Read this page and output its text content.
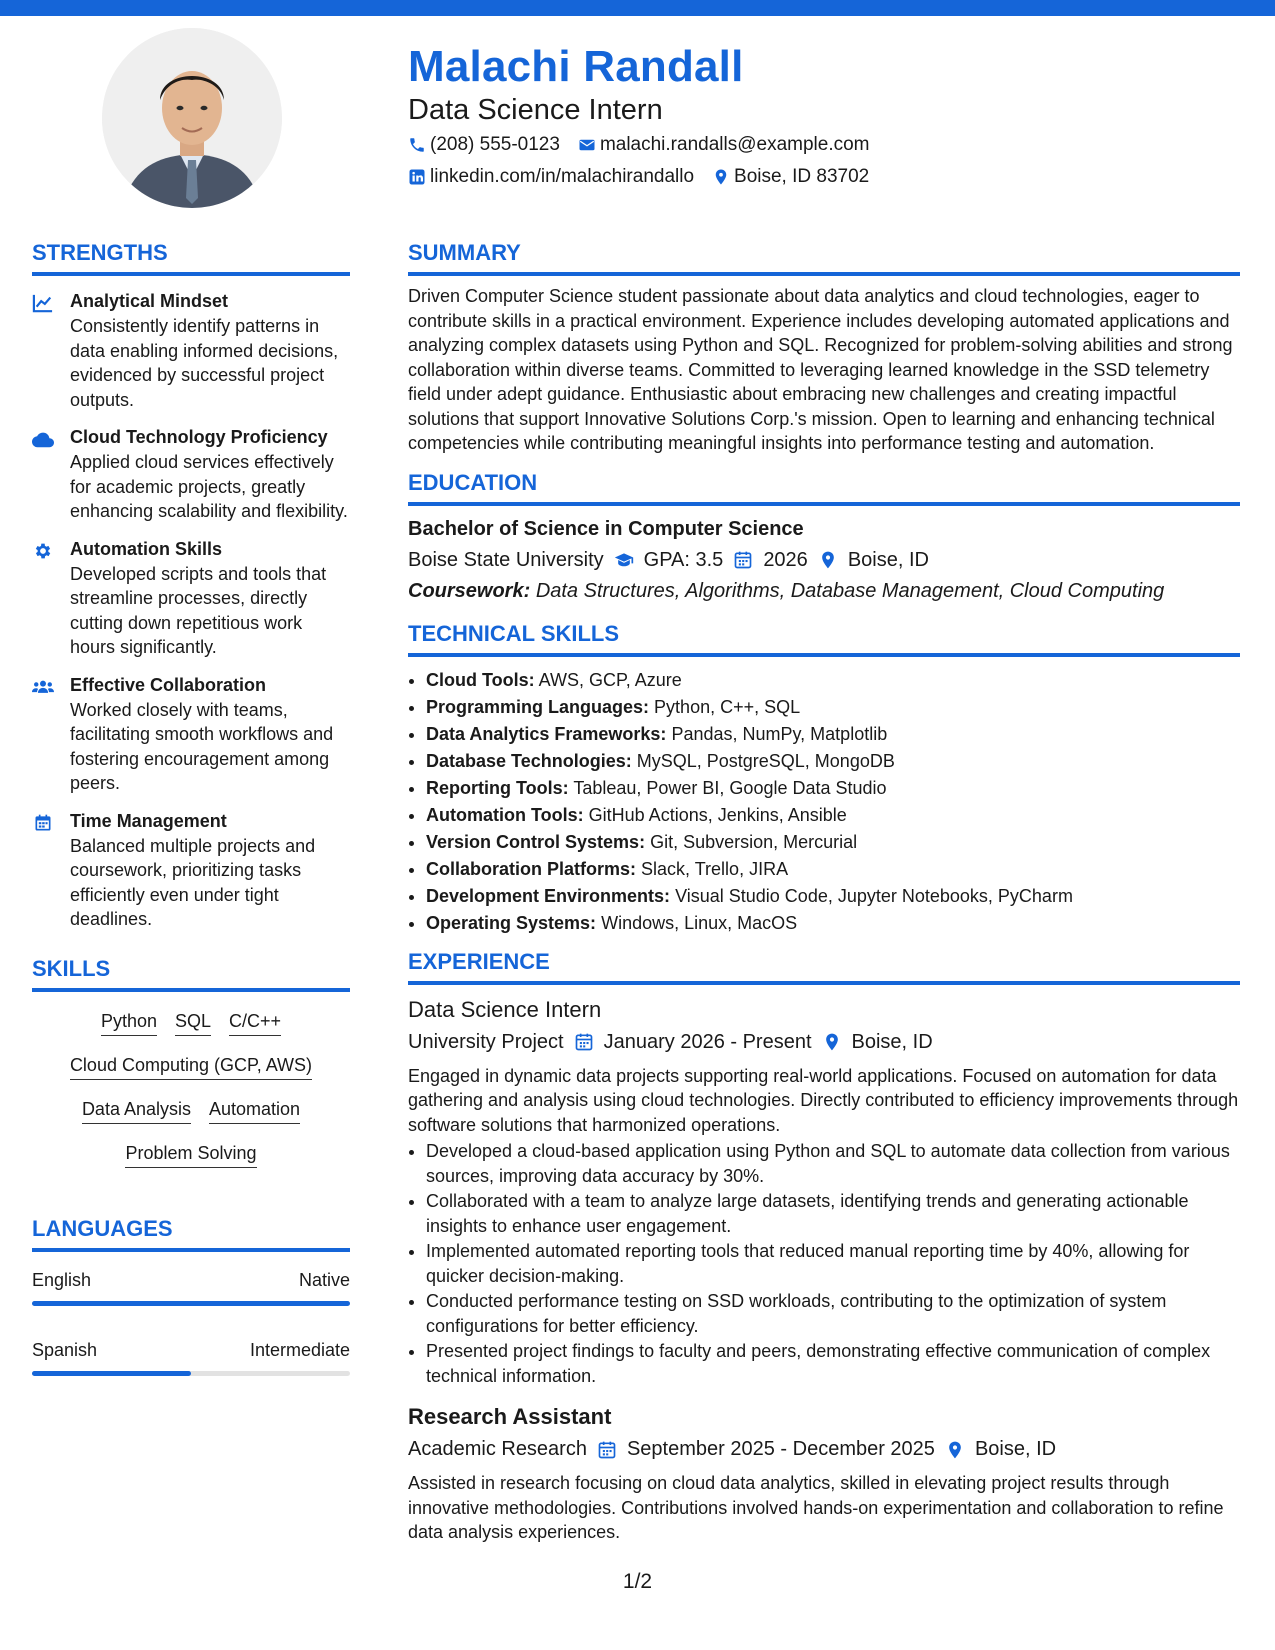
Malachi Randall
Data Science Intern
(208) 555-0123 malachi.randalls@example.com
linkedin.com/in/malachirandallo Boise, ID 83702
STRENGTHS
Analytical Mindset

Consistently identify patterns in data enabling informed decisions, evidenced by successful project outputs.

Cloud Technology Proficiency

Applied cloud services effectively for academic projects, greatly enhancing scalability and flexibility.

Automation Skills

Developed scripts and tools that streamline processes, directly cutting down repetitious work hours significantly.

Effective Collaboration

Worked closely with teams, facilitating smooth workflows and fostering encouragement among peers.

Time Management

Balanced multiple projects and coursework, prioritizing tasks efficiently even under tight deadlines.

SKILLS
Python SQL C/C++
Cloud Computing (GCP, AWS)
Data Analysis Automation
Problem Solving
LANGUAGES
English	Native
Spanish	Intermediate
SUMMARY

Driven Computer Science student passionate about data analytics and cloud technologies, eager to contribute skills in a practical environment. Experience includes developing automated applications and analyzing complex datasets using Python and SQL. Recognized for problem-solving abilities and strong collaboration within diverse teams. Committed to leveraging learned knowledge in the SSD telemetry field under adept guidance. Enthusiastic about embracing new challenges and creating impactful solutions that support Innovative Solutions Corp.'s mission. Open to learning and enhancing technical competencies while contributing meaningful insights into performance testing and automation.

EDUCATION
Bachelor of Science in Computer Science
Boise State University GPA: 3.5 2026 Boise, ID
Coursework: Data Structures, Algorithms, Database Management, Cloud Computing
TECHNICAL SKILLS
• Cloud Tools: AWS, GCP, Azure
• Programming Languages: Python, C++, SQL
• Data Analytics Frameworks: Pandas, NumPy, Matplotlib
• Database Technologies: MySQL, PostgreSQL, MongoDB
• Reporting Tools: Tableau, Power BI, Google Data Studio
• Automation Tools: GitHub Actions, Jenkins, Ansible
• Version Control Systems: Git, Subversion, Mercurial
• Collaboration Platforms: Slack, Trello, JIRA
• Development Environments: Visual Studio Code, Jupyter Notebooks, PyCharm
• Operating Systems: Windows, Linux, MacOS
EXPERIENCE
Data Science Intern
University Project January 2026 - Present Boise, ID

Engaged in dynamic data projects supporting real-world applications. Focused on automation for data gathering and analysis using cloud technologies. Directly contributed to efficiency improvements through software solutions that harmonized operations.

• Developed a cloud-based application using Python and SQL to automate data collection from various sources, improving data accuracy by 30%.
• Collaborated with a team to analyze large datasets, identifying trends and generating actionable insights to enhance user engagement.
• Implemented automated reporting tools that reduced manual reporting time by 40%, allowing for quicker decision-making.
• Conducted performance testing on SSD workloads, contributing to the optimization of system configurations for better efficiency.
• Presented project findings to faculty and peers, demonstrating effective communication of complex technical information.
Research Assistant
Academic Research September 2025 - December 2025 Boise, ID

Assisted in research focusing on cloud data analytics, skilled in elevating project results through innovative methodologies. Contributions involved hands-on experimentation and collaboration to refine data analysis experiences.

1/2
